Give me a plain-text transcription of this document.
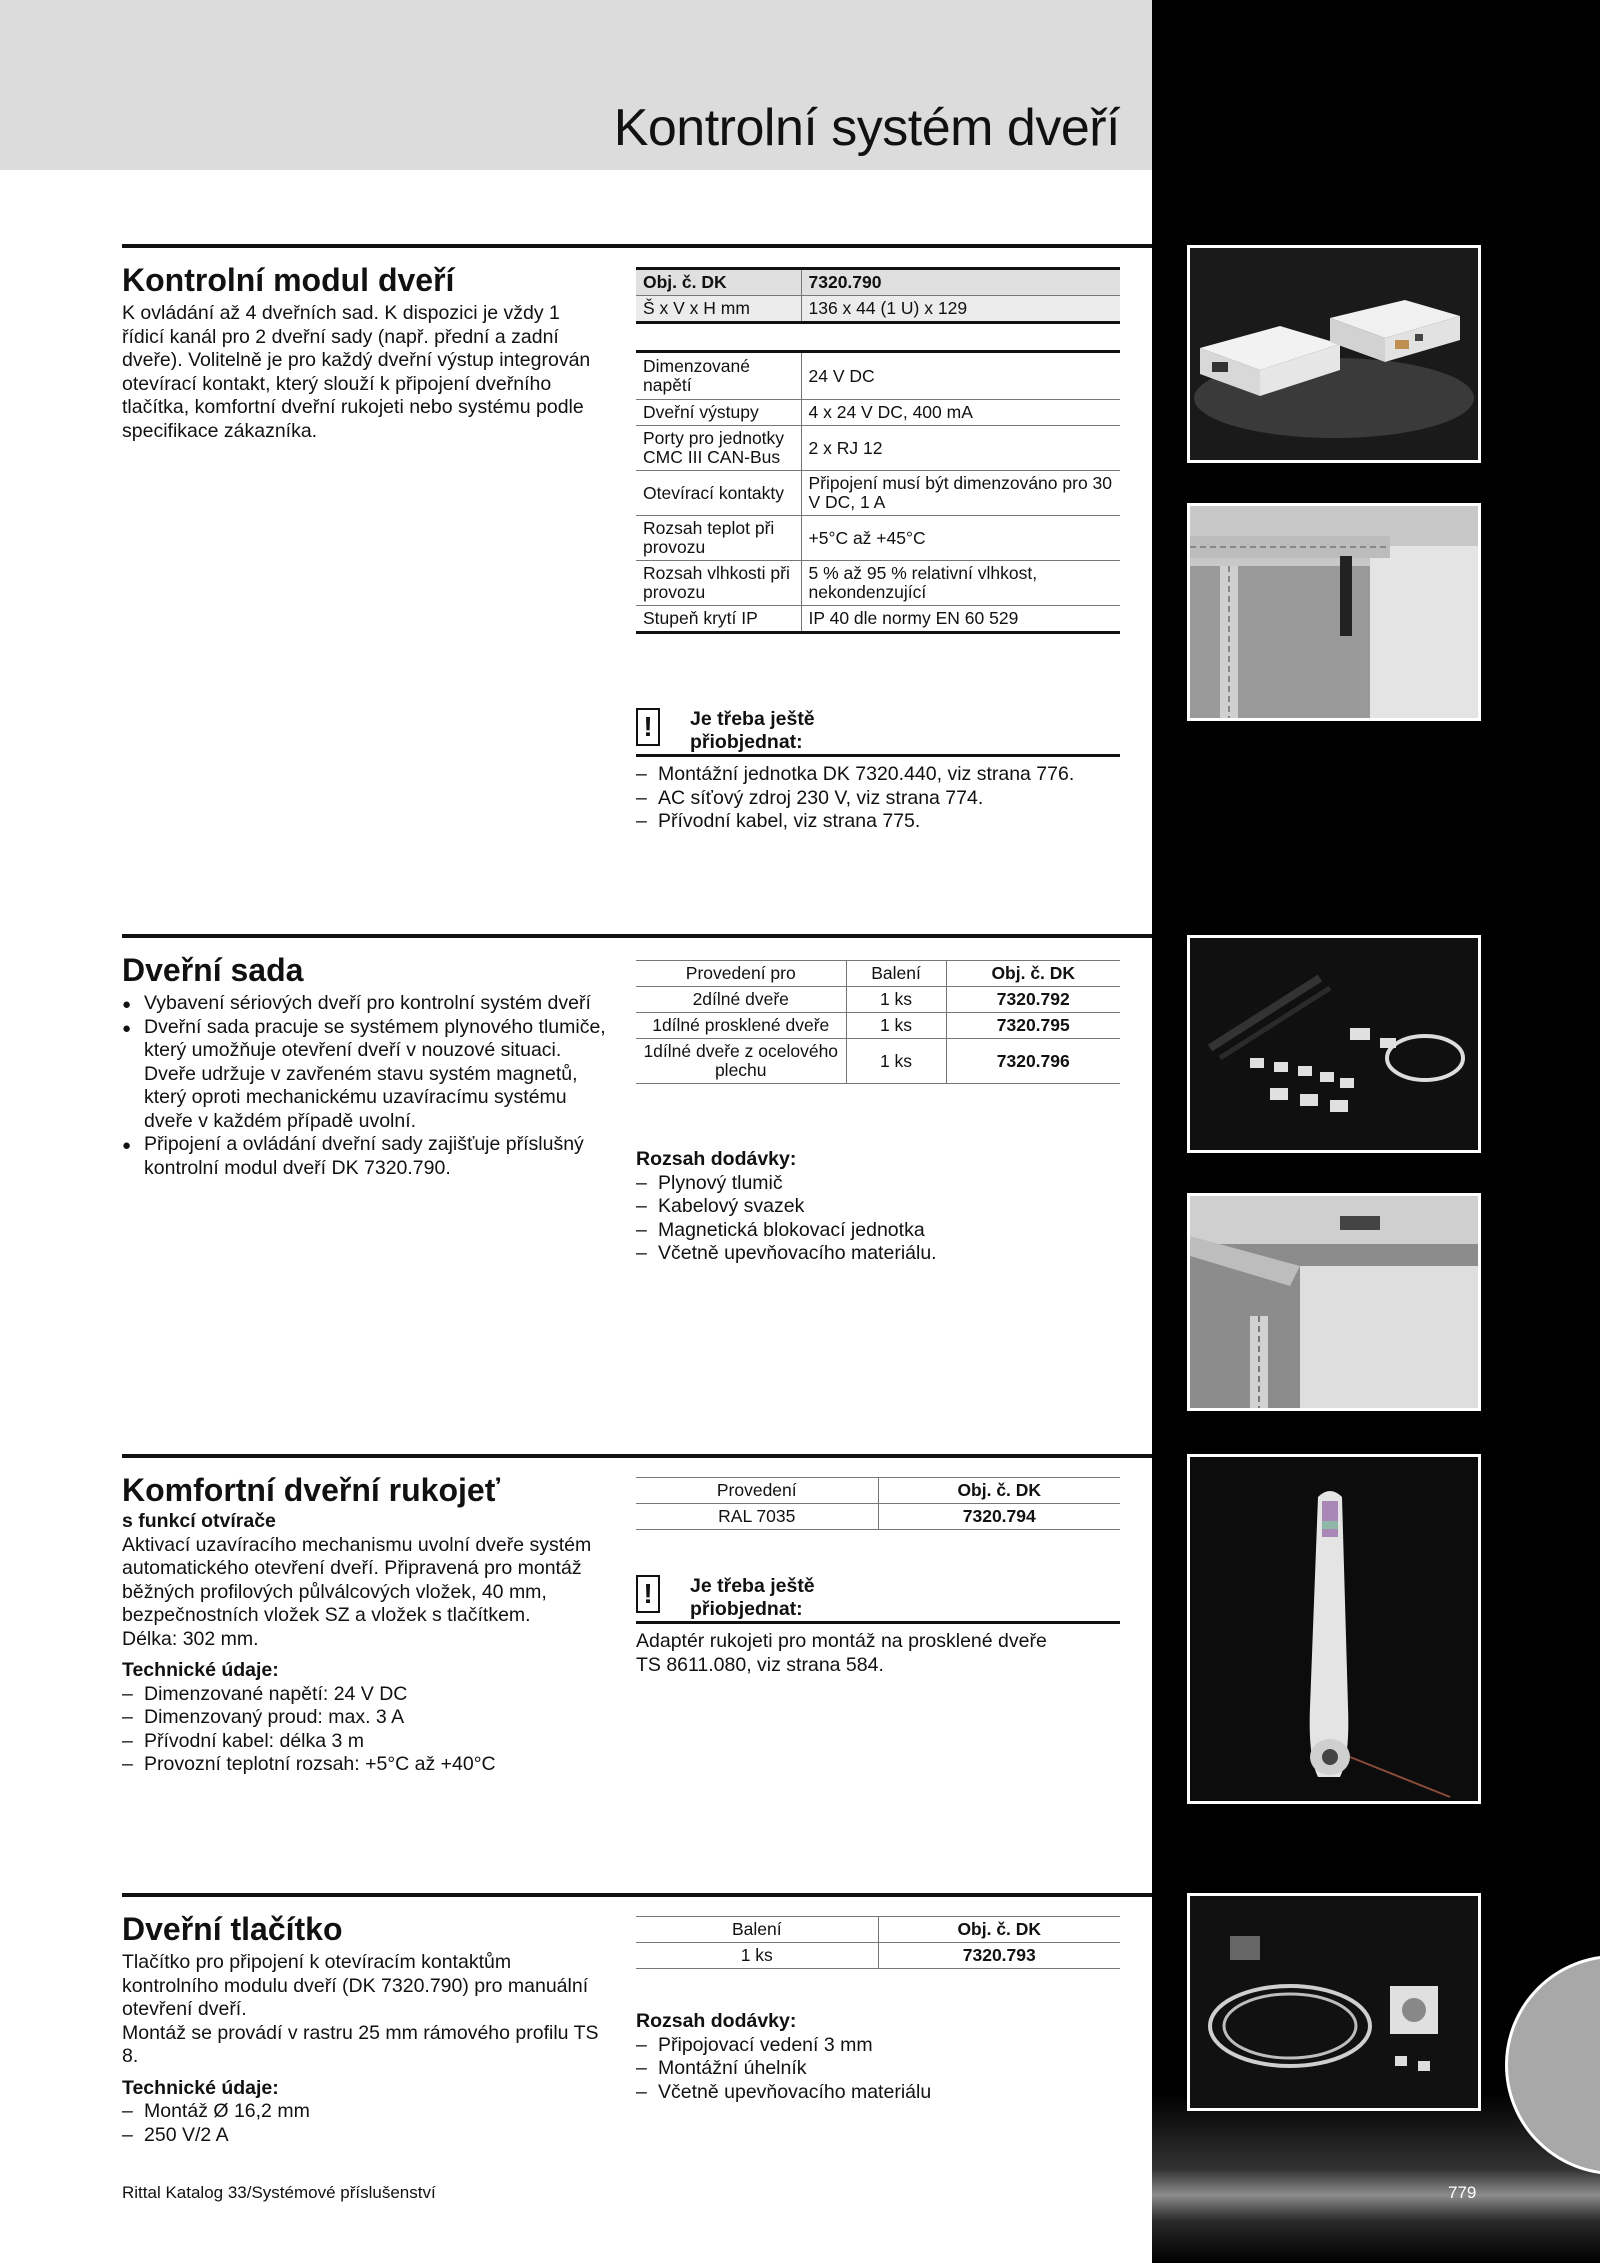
Kontrolní systém dveří
Kontrolní modul dveří

K ovládání až 4 dveřních sad. K dispozici je vždy 1 řídicí kanál pro 2 dveřní sady (např. přední a zadní dveře). Volitelně je pro každý dveřní výstup integrován otevírací kontakt, který slouží k připojení dveřního tlačítka, komfortní dveřní rukojeti nebo systému podle specifikace zákazníka.

Obj. č. DK	7320.790
Š x V x H mm	136 x 44 (1 U) x 129
Dimenzované napětí	24 V DC
Dveřní výstupy	4 x 24 V DC, 400 mA
Porty pro jednotky CMC III CAN-Bus	2 x RJ 12
Otevírací kontakty	Připojení musí být dimenzováno pro 30 V DC, 1 A
Rozsah teplot při provozu	+5°C až +45°C
Rozsah vlhkosti při provozu	5 % až 95 % relativní vlhkost, nekondenzující
Stupeň krytí IP	IP 40 dle normy EN 60 529
!	Je třeba ještě přiobjednat:
– Montážní jednotka DK 7320.440, viz strana 776.
– AC síťový zdroj 230 V, viz strana 774.
– Přívodní kabel, viz strana 775.
Dveřní sada
● Vybavení sériových dveří pro kontrolní systém dveří
● Dveřní sada pracuje se systémem plynového tlumiče, který umožňuje otevření dveří v nouzové situaci. Dveře udržuje v zavřeném stavu systém magnetů, který oproti mechanickému uzavíracímu systému dveře v každém případě uvolní.
● Připojení a ovládání dveřní sady zajišťuje příslušný kontrolní modul dveří DK 7320.790.
Provedení pro	Balení	Obj. č. DK
2dílné dveře	1 ks	7320.792
1dílné prosklené dveře	1 ks	7320.795
1dílné dveře z ocelového plechu	1 ks	7320.796
Rozsah dodávky:
– Plynový tlumič
– Kabelový svazek
– Magnetická blokovací jednotka
– Včetně upevňovacího materiálu.
Komfortní dveřní rukojeť

s funkcí otvírače

Aktivací uzavíracího mechanismu uvolní dveře systém automatického otevření dveří. Připravená pro montáž běžných profilových půlválcových vložek, 40 mm, bezpečnostních vložek SZ a vložek s tlačítkem.

Délka: 302 mm.

Technické údaje:

– Dimenzované napětí: 24 V DC
– Dimenzovaný proud: max. 3 A
– Přívodní kabel: délka 3 m
– Provozní teplotní rozsah: +5°C až +40°C
Provedení	Obj. č. DK
RAL 7035	7320.794
!	Je třeba ještě přiobjednat:
Adaptér rukojeti pro montáž na prosklené dveře TS 8611.080, viz strana 584.
Dveřní tlačítko

Tlačítko pro připojení k otevíracím kontaktům kontrolního modulu dveří (DK 7320.790) pro manuální otevření dveří.

Montáž se provádí v rastru 25 mm rámového profilu TS 8.

Technické údaje:

– Montáž Ø 16,2 mm
– 250 V/2 A
Balení	Obj. č. DK
1 ks	7320.793
Rozsah dodávky:
– Připojovací vedení 3 mm
– Montážní úhelník
– Včetně upevňovacího materiálu
Rittal Katalog 33/Systémové příslušenství	779
